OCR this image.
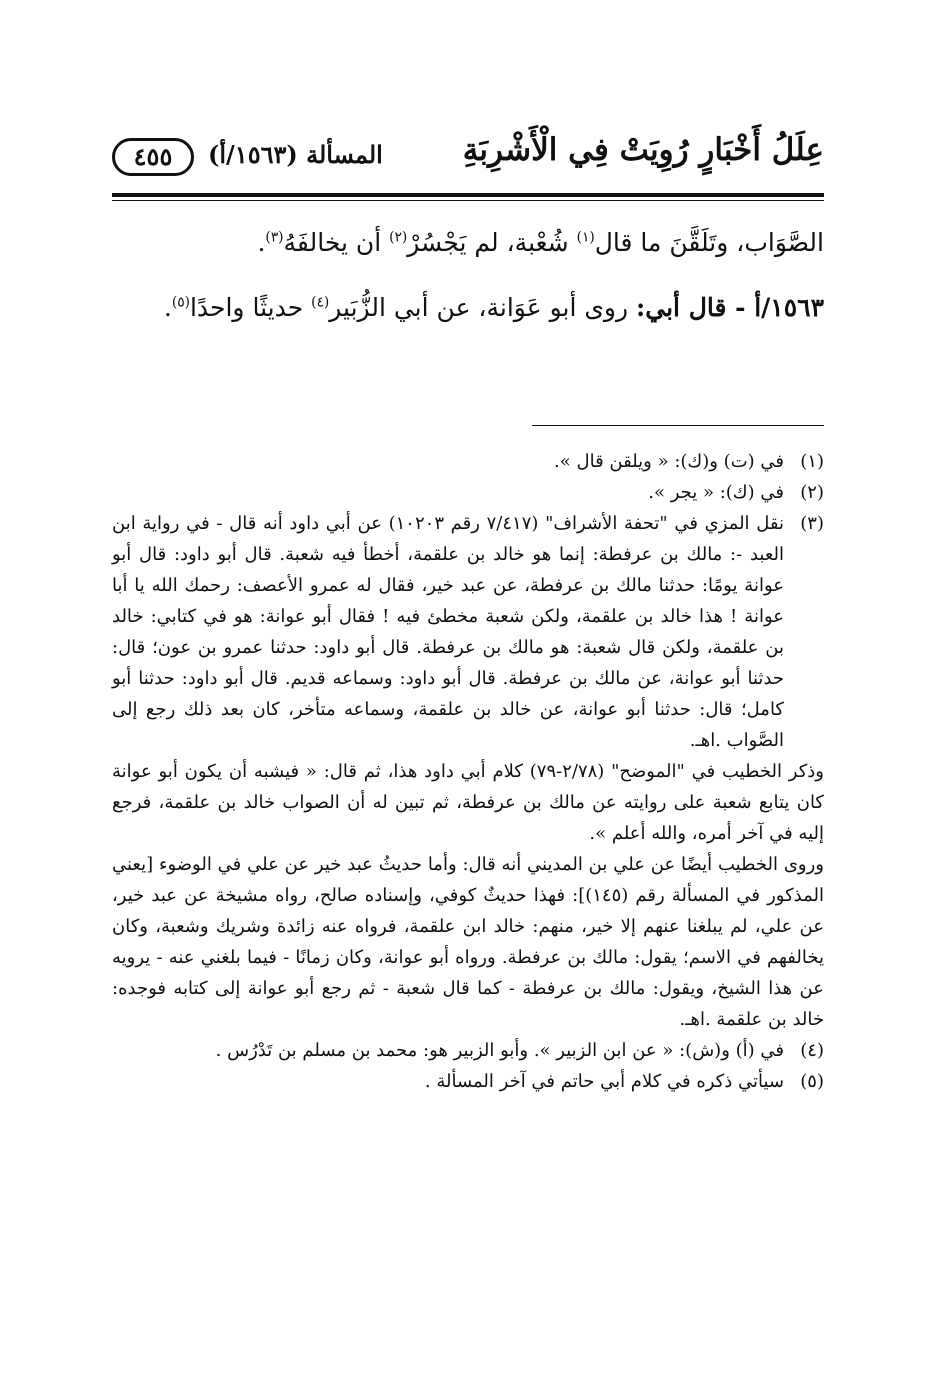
عِلَلُ أَخْبَارٍ رُوِيَتْ فِي الْأَشْرِبَةِ
المسألة (١٥٦٣/أ)
٤٥٥

الصَّوَاب، وتَلَقَّنَ ما قال$^{(١)}$ شُعْبة، لم يَجْسُرْ$^{(٢)}$ أن يخالفَهُ$^{(٣)}$.

١٥٦٣/أ - قال أبي: روى أبو عَوَانة، عن أبي الزُّبَير$^{(٤)}$ حديثًا واحدًا$^{(٥)}$.

(١)

في (ت) و(ك): « ويلقن قال ».

(٢)

في (ك): « يجر ».

(٣)

نقل المزي في "تحفة الأشراف" (٧/٤١٧ رقم ١٠٢٠٣) عن أبي داود أنه قال - في رواية ابن العبد -: مالك بن عرفطة: إنما هو خالد بن علقمة، أخطأ فيه شعبة. قال أبو داود: قال أبو عوانة يومًا: حدثنا مالك بن عرفطة، عن عبد خير، فقال له عمرو الأعصف: رحمك الله يا أبا عوانة ! هذا خالد بن علقمة، ولكن شعبة مخطئ فيه ! فقال أبو عوانة: هو في كتابي: خالد بن علقمة، ولكن قال شعبة: هو مالك بن عرفطة. قال أبو داود: حدثنا عمرو بن عون؛ قال: حدثنا أبو عوانة، عن مالك بن عرفطة. قال أبو داود: وسماعه قديم. قال أبو داود: حدثنا أبو كامل؛ قال: حدثنا أبو عوانة، عن خالد بن علقمة، وسماعه متأخر، كان بعد ذلك رجع إلى الصَّواب .اهـ.

وذكر الخطيب في "الموضح" (٢/٧٨-٧٩) كلام أبي داود هذا، ثم قال: « فيشبه أن يكون أبو عوانة كان يتابع شعبة على روايته عن مالك بن عرفطة، ثم تبين له أن الصواب خالد بن علقمة، فرجع إليه في آخر أمره، والله أعلم ».

وروى الخطيب أيضًا عن علي بن المديني أنه قال: وأما حديثُ عبد خير عن علي في الوضوء [يعني المذكور في المسألة رقم (١٤٥)]: فهذا حديثٌ كوفي، وإسناده صالح، رواه مشيخة عن عبد خير، عن علي، لم يبلغنا عنهم إلا خير، منهم: خالد ابن علقمة، فرواه عنه زائدة وشريك وشعبة، وكان يخالفهم في الاسم؛ يقول: مالك بن عرفطة. ورواه أبو عوانة، وكان زمانًا - فيما بلغني عنه - يرويه عن هذا الشيخ، ويقول: مالك بن عرفطة - كما قال شعبة - ثم رجع أبو عوانة إلى كتابه فوجده: خالد بن علقمة .اهـ.

(٤)

في (أ) و(ش): « عن ابن الزبير ». وأبو الزبير هو: محمد بن مسلم بن تَدْرُس .

(٥)

سيأتي ذكره في كلام أبي حاتم في آخر المسألة .
